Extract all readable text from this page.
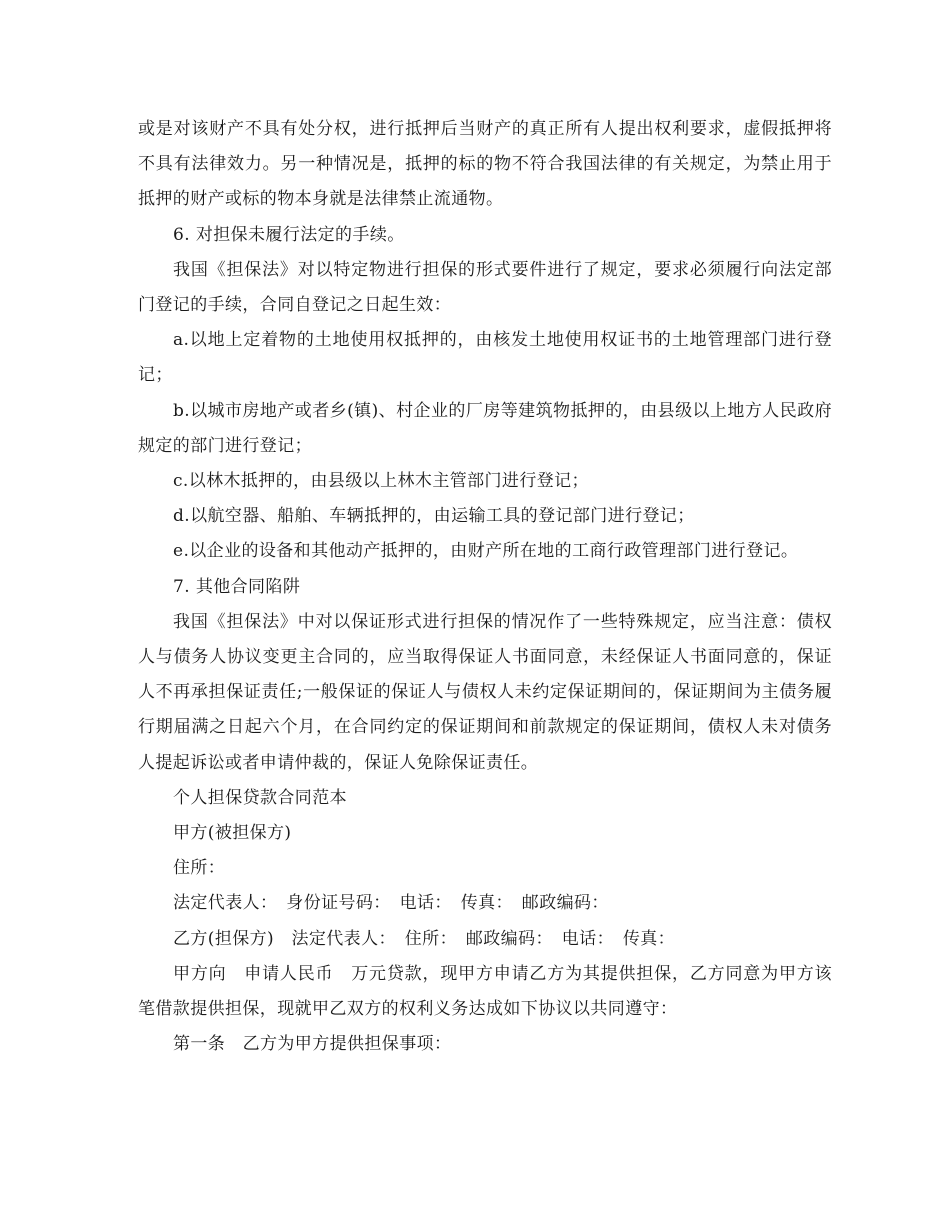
或是对该财产不具有处分权，进行抵押后当财产的真正所有人提出权利要求，虚假抵押将不具有法律效力。另一种情况是，抵押的标的物不符合我国法律的有关规定，为禁止用于抵押的财产或标的物本身就是法律禁止流通物。

6. 对担保未履行法定的手续。

我国《担保法》对以特定物进行担保的形式要件进行了规定，要求必须履行向法定部门登记的手续，合同自登记之日起生效：

a.以地上定着物的土地使用权抵押的，由核发土地使用权证书的土地管理部门进行登记；

b.以城市房地产或者乡(镇)、村企业的厂房等建筑物抵押的，由县级以上地方人民政府规定的部门进行登记；

c.以林木抵押的，由县级以上林木主管部门进行登记；

d.以航空器、船舶、车辆抵押的，由运输工具的登记部门进行登记；

e.以企业的设备和其他动产抵押的，由财产所在地的工商行政管理部门进行登记。

7. 其他合同陷阱

我国《担保法》中对以保证形式进行担保的情况作了一些特殊规定，应当注意：债权人与债务人协议变更主合同的，应当取得保证人书面同意，未经保证人书面同意的，保证人不再承担保证责任;一般保证的保证人与债权人未约定保证期间的，保证期间为主债务履行期届满之日起六个月，在合同约定的保证期间和前款规定的保证期间，债权人未对债务人提起诉讼或者申请仲裁的，保证人免除保证责任。

个人担保贷款合同范本

甲方(被担保方)

住所：

法定代表人：　身份证号码：　电话：　传真：　邮政编码：

乙方(担保方)　法定代表人：　住所：　邮政编码：　电话：　传真：

甲方向　申请人民币　万元贷款，现甲方申请乙方为其提供担保，乙方同意为甲方该笔借款提供担保，现就甲乙双方的权利义务达成如下协议以共同遵守：

第一条　乙方为甲方提供担保事项：
